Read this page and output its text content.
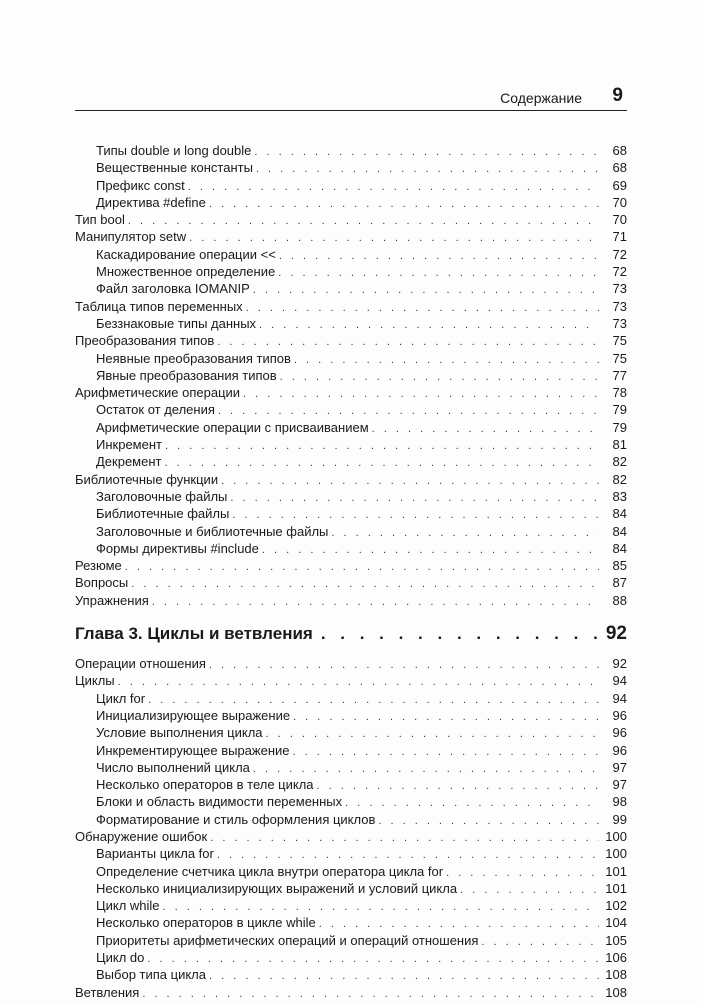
Содержание 9
Типы double и long double . . .	68
Вещественные константы . . .	68
Префикс const . . .	69
Директива #define . . .	70
Тип bool . . .	70
Манипулятор setw . . .	71
Каскадирование операции << . . .	72
Множественное определение . . .	72
Файл заголовка IOMANIP . . .	73
Таблица типов переменных . . .	73
Беззнаковые типы данных . . .	73
Преобразования типов . . .	75
Неявные преобразования типов . . .	75
Явные преобразования типов . . .	77
Арифметические операции . . .	78
Остаток от деления . . .	79
Арифметические операции с присваиванием . . .	79
Инкремент . . .	81
Декремент . . .	82
Библиотечные функции . . .	82
Заголовочные файлы . . .	83
Библиотечные файлы . . .	84
Заголовочные и библиотечные файлы . . .	84
Формы директивы #include . . .	84
Резюме . . .	85
Вопросы . . .	87
Упражнения . . .	88
Глава 3. Циклы и ветвления . . .	92
Операции отношения . . .	92
Циклы . . .	94
Цикл for . . .	94
Инициализирующее выражение . . .	96
Условие выполнения цикла . . .	96
Инкрементирующее выражение . . .	96
Число выполнений цикла . . .	97
Несколько операторов в теле цикла . . .	97
Блоки и область видимости переменных . . .	98
Форматирование и стиль оформления циклов . . .	99
Обнаружение ошибок . . .	100
Варианты цикла for . . .	100
Определение счетчика цикла внутри оператора цикла for . . .	101
Несколько инициализирующих выражений и условий цикла . . .	101
Цикл while . . .	102
Несколько операторов в цикле while . . .	104
Приоритеты арифметических операций и операций отношения . . .	105
Цикл do . . .	106
Выбор типа цикла . . .	108
Ветвления . . .	108
